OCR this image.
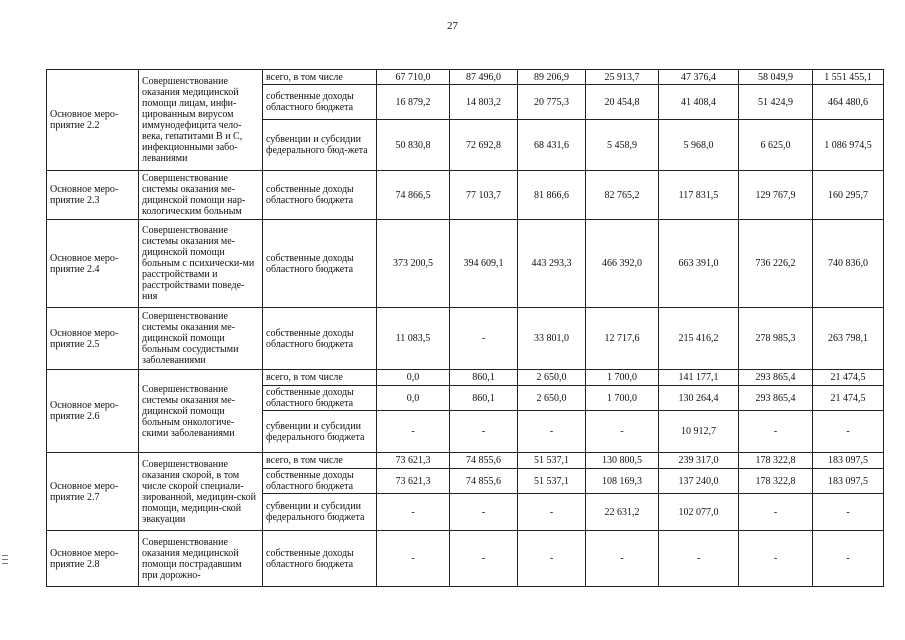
27
Основное меро-приятие 2.2	Совершенствование оказания медицинской помощи лицам, инфи-цированным вирусом иммунодефицита чело-века, гепатитами В и С, инфекционными забо-леваниями	всего, в том числе	67 710,0	87 496,0	89 206,9	25 913,7	47 376,4	58 049,9	1 551 455,1
		собственные доходы областного бюджета	16 879,2	14 803,2	20 775,3	20 454,8	41 408,4	51 424,9	464 480,6
		субвенции и субсидии федерального бюд-жета	50 830,8	72 692,8	68 431,6	5 458,9	5 968,0	6 625,0	1 086 974,5
Основное меро-приятие 2.3	Совершенствование системы оказания ме-дицинской помощи нар-кологическим больным	собственные доходы областного бюджета	74 866,5	77 103,7	81 866,6	82 765,2	117 831,5	129 767,9	160 295,7
Основное меро-приятие 2.4	Совершенствование системы оказания ме-дицинской помощи больным с психически-ми расстройствами и расстройствами поведе-ния	собственные доходы областного бюджета	373 200,5	394 609,1	443 293,3	466 392,0	663 391,0	736 226,2	740 836,0
Основное меро-приятие 2.5	Совершенствование системы оказания ме-дицинской помощи больным сосудистыми заболеваниями	собственные доходы областного бюджета	11 083,5	-	33 801,0	12 717,6	215 416,2	278 985,3	263 798,1
Основное меро-приятие 2.6	Совершенствование системы оказания ме-дицинской помощи больным онкологиче-скими заболеваниями	всего, в том числе	0,0	860,1	2 650,0	1 700,0	141 177,1	293 865,4	21 474,5
		собственные доходы областного бюджета	0,0	860,1	2 650,0	1 700,0	130 264,4	293 865,4	21 474,5
		субвенции и субсидии федерального бюджета	-	-	-	-	10 912,7	-	-
Основное меро-приятие 2.7	Совершенствование оказания скорой, в том числе скорой специали-зированной, медицин-ской помощи, медицин-ской эвакуации	всего, в том числе	73 621,3	74 855,6	51 537,1	130 800,5	239 317,0	178 322,8	183 097,5
		собственные доходы областного бюджета	73 621,3	74 855,6	51 537,1	108 169,3	137 240,0	178 322,8	183 097,5
		субвенции и субсидии федерального бюджета	-	-	-	22 631,2	102 077,0	-	-
Основное меро-приятие 2.8	Совершенствование оказания медицинской помощи пострадавшим при дорожно-	собственные доходы областного бюджета	-	-	-	-	-	-	-
